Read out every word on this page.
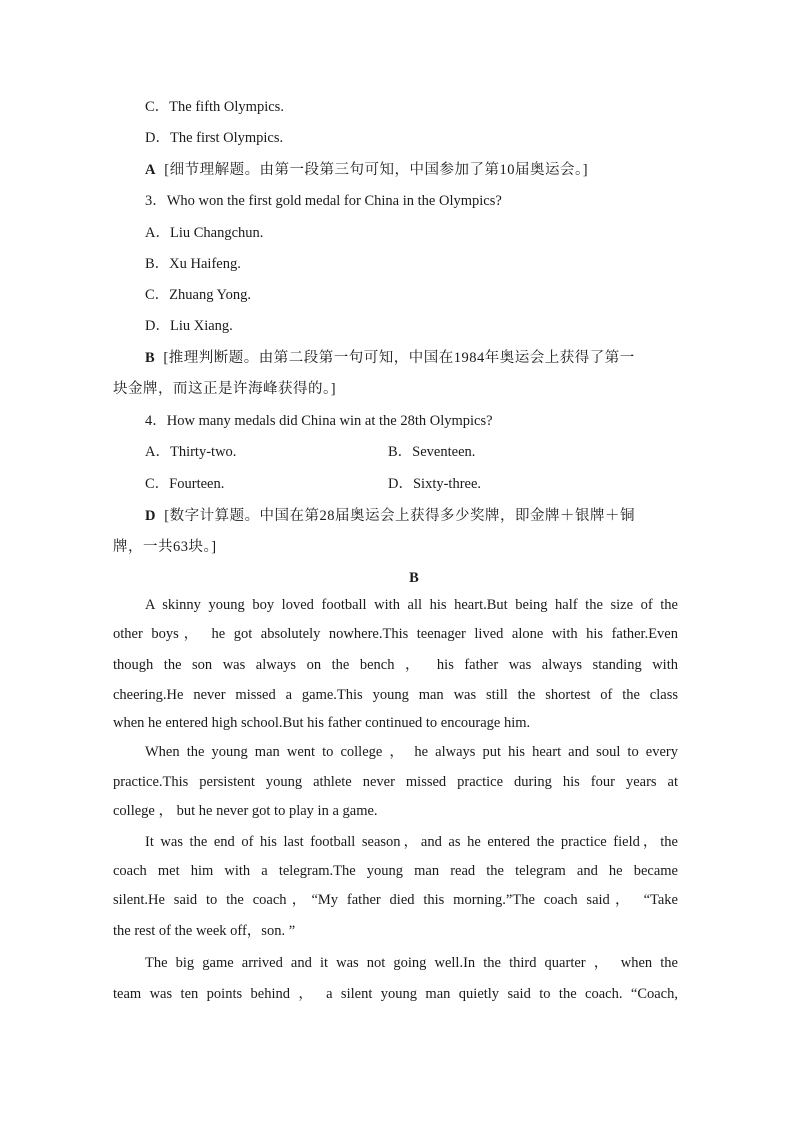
C．The fifth Olympics.
D．The first Olympics.
A [细节理解题。由第一段第三句可知，中国参加了第10届奥运会。]
3．Who won the first gold medal for China in the Olympics?
A．Liu Changchun.
B．Xu Haifeng.
C．Zhuang Yong.
D．Liu Xiang.
B [推理判断题。由第二段第一句可知，中国在1984年奥运会上获得了第一
块金牌，而这正是许海峰获得的。]
4．How many medals did China win at the 28th Olympics?
A．Thirty-two.	B．Seventeen.
C．Fourteen.	D．Sixty-three.
D [数字计算题。中国在第28届奥运会上获得多少奖牌，即金牌＋银牌＋铜
牌，一共63块。]
B
A skinny young boy loved football with all his heart.But being half the size of the
other boys， he got absolutely nowhere.This teenager lived alone with his father.Even
though the son was always on the bench ， his father was always standing with
cheering.He never missed a game.This young man was still the shortest of the class
when he entered high school.But his father continued to encourage him.
When the young man went to college ， he always put his heart and soul to every
practice.This persistent young athlete never missed practice during his four years at
college ， but he never got to play in a game.
It was the end of his last football season，and as he entered the practice field，the
coach met him with a telegram.The young man read the telegram and he became
silent.He said to the coach，“My father died this morning.”The coach said， “Take
the rest of the week off，son. ”
The big game arrived and it was not going well.In the third quarter ， when the
team was ten points behind ， a silent young man quietly said to the coach. “Coach,
